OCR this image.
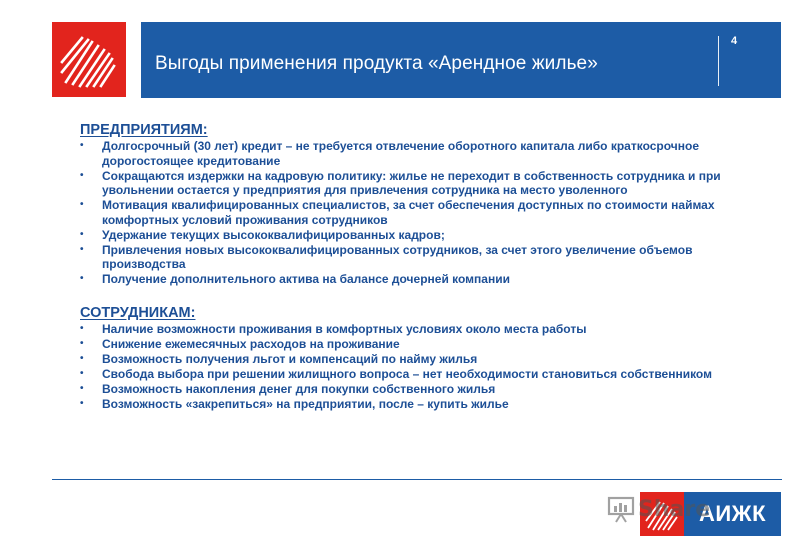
Выгоды применения продукта «Арендное жилье»
4
ПРЕДПРИЯТИЯМ:
• Долгосрочный (30 лет) кредит – не требуется отвлечение оборотного капитала либо краткосрочное дорогостоящее кредитование
• Сокращаются издержки на кадровую политику: жилье не переходит в собственность сотрудника и при увольнении остается у предприятия для привлечения сотрудника на место уволенного
• Мотивация квалифицированных специалистов, за счет обеспечения доступных по стоимости наймах комфортных условий проживания сотрудников
• Удержание текущих высококвалифицированных кадров;
• Привлечения новых высококвалифицированных сотрудников, за счет этого увеличение объемов производства
• Получение дополнительного актива на балансе дочерней компании
СОТРУДНИКАМ:
• Наличие возможности проживания в комфортных условиях около места работы
• Снижение ежемесячных расходов на проживание
• Возможность получения льгот и компенсаций по найму жилья
• Свобода выбора при решении жилищного вопроса – нет необходимости становиться собственником
• Возможность накопления денег для покупки собственного жилья
• Возможность «закрепиться» на предприятии, после – купить жилье
АИЖК
Share
